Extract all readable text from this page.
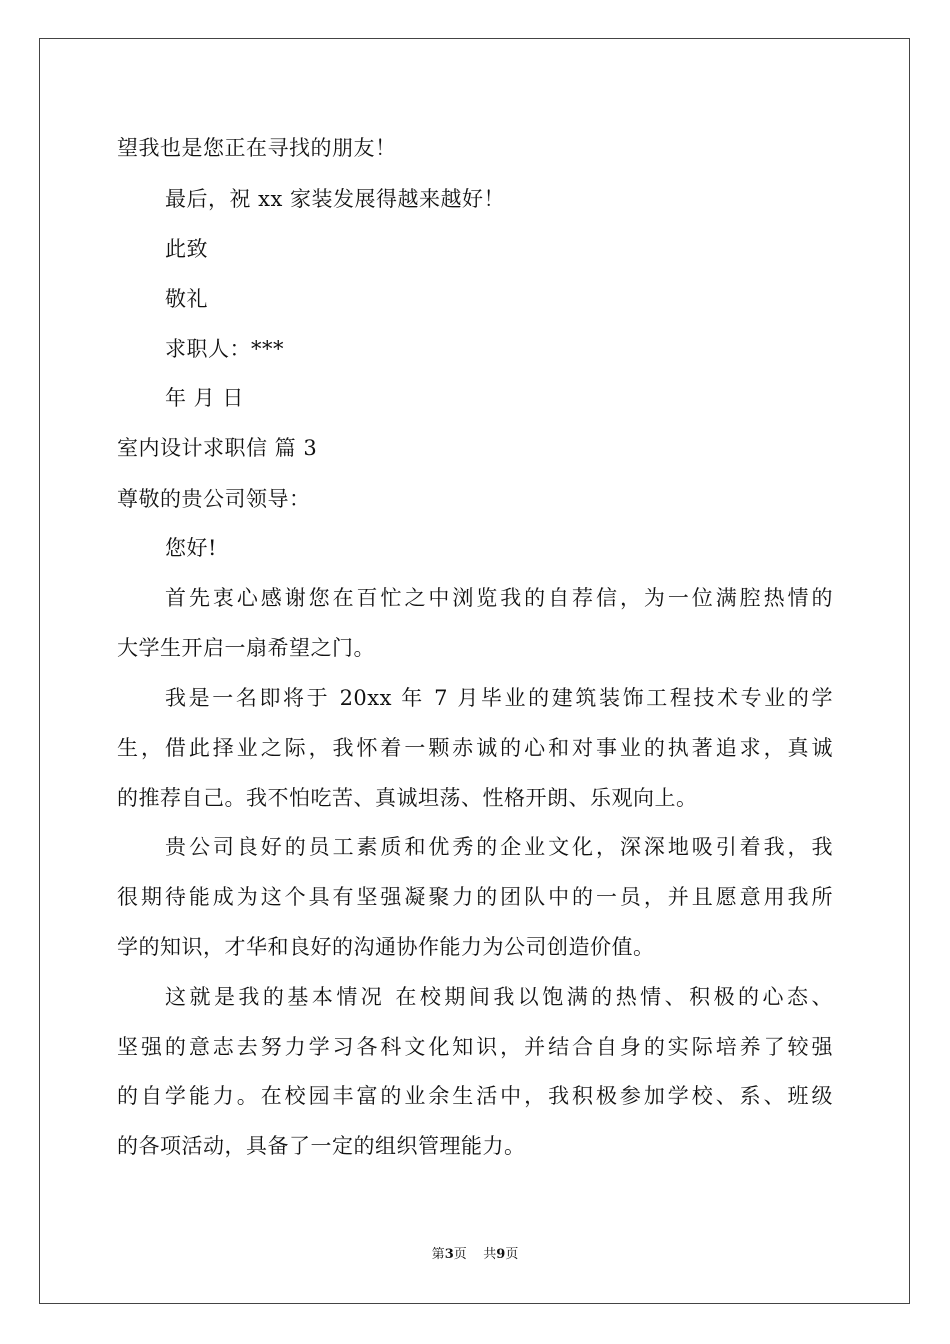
望我也是您正在寻找的朋友！
最后，祝 xx 家装发展得越来越好！
此致
敬礼
求职人：***
年 月 日
室内设计求职信 篇 3
尊敬的贵公司领导：
您好!
首先衷心感谢您在百忙之中浏览我的自荐信，为一位满腔热情的
大学生开启一扇希望之门。
我是一名即将于 20xx 年 7 月毕业的建筑装饰工程技术专业的学
生，借此择业之际，我怀着一颗赤诚的心和对事业的执著追求，真诚
的推荐自己。我不怕吃苦、真诚坦荡、性格开朗、乐观向上。
贵公司良好的员工素质和优秀的企业文化，深深地吸引着我，我
很期待能成为这个具有坚强凝聚力的团队中的一员，并且愿意用我所
学的知识，才华和良好的沟通协作能力为公司创造价值。
这就是我的基本情况 在校期间我以饱满的热情、积极的心态、
坚强的意志去努力学习各科文化知识，并结合自身的实际培养了较强
的自学能力。在校园丰富的业余生活中，我积极参加学校、系、班级
的各项活动，具备了一定的组织管理能力。
第3页    共9页
